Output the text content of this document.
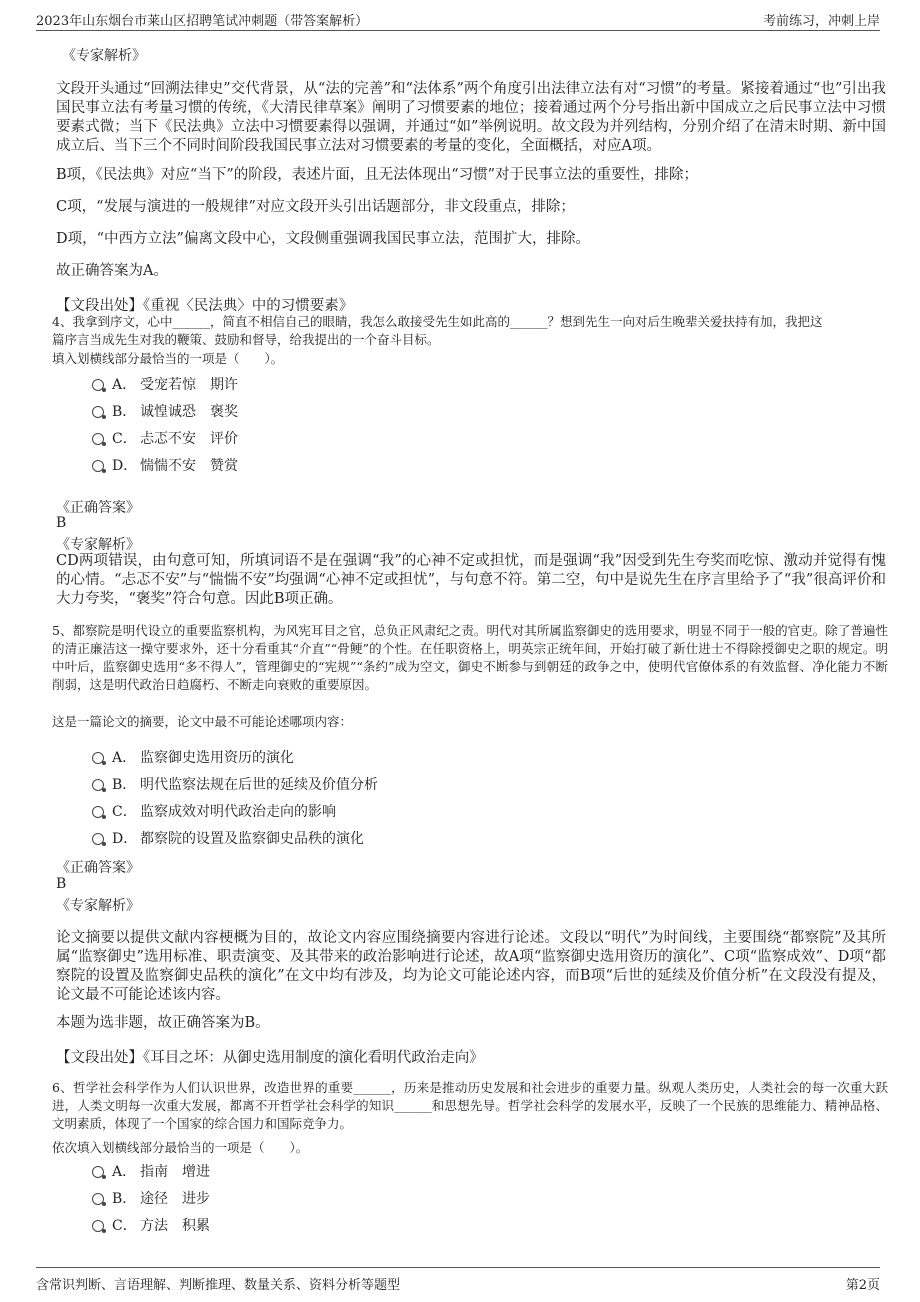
2023年山东烟台市莱山区招聘笔试冲刺题（带答案解析）	考前练习，冲刺上岸

《专家解析》

文段开头通过“回溯法律史”交代背景，从“法的完善”和“法体系”两个角度引出法律立法有对“习惯”的考量。紧接着通过“也”引出我国民事立法有考量习惯的传统，《大清民律草案》阐明了习惯要素的地位；接着通过两个分号指出新中国成立之后民事立法中习惯要素式微；当下《民法典》立法中习惯要素得以强调，并通过“如”举例说明。故文段为并列结构，分别介绍了在清末时期、新中国成立后、当下三个不同时间阶段我国民事立法对习惯要素的考量的变化，全面概括，对应A项。

B项，《民法典》对应“当下”的阶段，表述片面，且无法体现出“习惯”对于民事立法的重要性，排除；

C项，“发展与演进的一般规律”对应文段开头引出话题部分，非文段重点，排除；

D项，“中西方立法”偏离文段中心，文段侧重强调我国民事立法，范围扩大，排除。

故正确答案为A。

【文段出处】《重视〈民法典〉中的习惯要素》

4、我拿到序文，心中______，简直不相信自己的眼睛，我怎么敢接受先生如此高的______？想到先生一向对后生晚辈关爱扶持有加，我把这

篇序言当成先生对我的鞭策、鼓励和督导，给我提出的一个奋斗目标。

填入划横线部分最恰当的一项是（　　）。

A． 受宠若惊　期许
B． 诚惶诚恐　褒奖
C． 忐忑不安　评价
D． 惴惴不安　赞赏

《正确答案》

B

《专家解析》

CD两项错误，由句意可知，所填词语不是在强调“我”的心神不定或担忧，而是强调“我”因受到先生夸奖而吃惊、激动并觉得有愧的心情。“忐忑不安”与“惴惴不安”均强调“心神不定或担忧”，与句意不符。第二空，句中是说先生在序言里给予了“我”很高评价和大力夸奖，“褒奖”符合句意。因此B项正确。

5、都察院是明代设立的重要监察机构，为风宪耳目之官，总负正风肃纪之责。明代对其所属监察御史的选用要求，明显不同于一般的官吏。除了普遍性的清正廉洁这一操守要求外，还十分看重其“介直”“骨鲠”的个性。在任职资格上，明英宗正统年间，开始打破了新仕进士不得除授御史之职的规定。明中叶后，监察御史选用“多不得人”，管理御史的“宪规”“条约”成为空文，御史不断参与到朝廷的政争之中，使明代官僚体系的有效监督、净化能力不断削弱，这是明代政治日趋腐朽、不断走向衰败的重要原因。

这是一篇论文的摘要，论文中最不可能论述哪项内容：

A． 监察御史选用资历的演化
B． 明代监察法规在后世的延续及价值分析
C． 监察成效对明代政治走向的影响
D． 都察院的设置及监察御史品秩的演化

《正确答案》

B

《专家解析》

论文摘要以提供文献内容梗概为目的，故论文内容应围绕摘要内容进行论述。文段以“明代”为时间线，主要围绕“都察院”及其所属“监察御史”选用标准、职责演变、及其带来的政治影响进行论述，故A项“监察御史选用资历的演化”、C项“监察成效”、D项“都察院的设置及监察御史品秩的演化”在文中均有涉及，均为论文可能论述内容，而B项“后世的延续及价值分析”在文段没有提及，论文最不可能论述该内容。

本题为选非题，故正确答案为B。

【文段出处】《耳目之坏：从御史选用制度的演化看明代政治走向》

6、哲学社会科学作为人们认识世界，改造世界的重要______，历来是推动历史发展和社会进步的重要力量。纵观人类历史，人类社会的每一次重大跃进，人类文明每一次重大发展，都离不开哲学社会科学的知识______和思想先导。哲学社会科学的发展水平，反映了一个民族的思维能力、精神品格、文明素质，体现了一个国家的综合国力和国际竞争力。

依次填入划横线部分最恰当的一项是（　　）。

A． 指南　增进
B． 途径　进步
C． 方法　积累
含常识判断、言语理解、判断推理、数量关系、资料分析等题型	第2页
